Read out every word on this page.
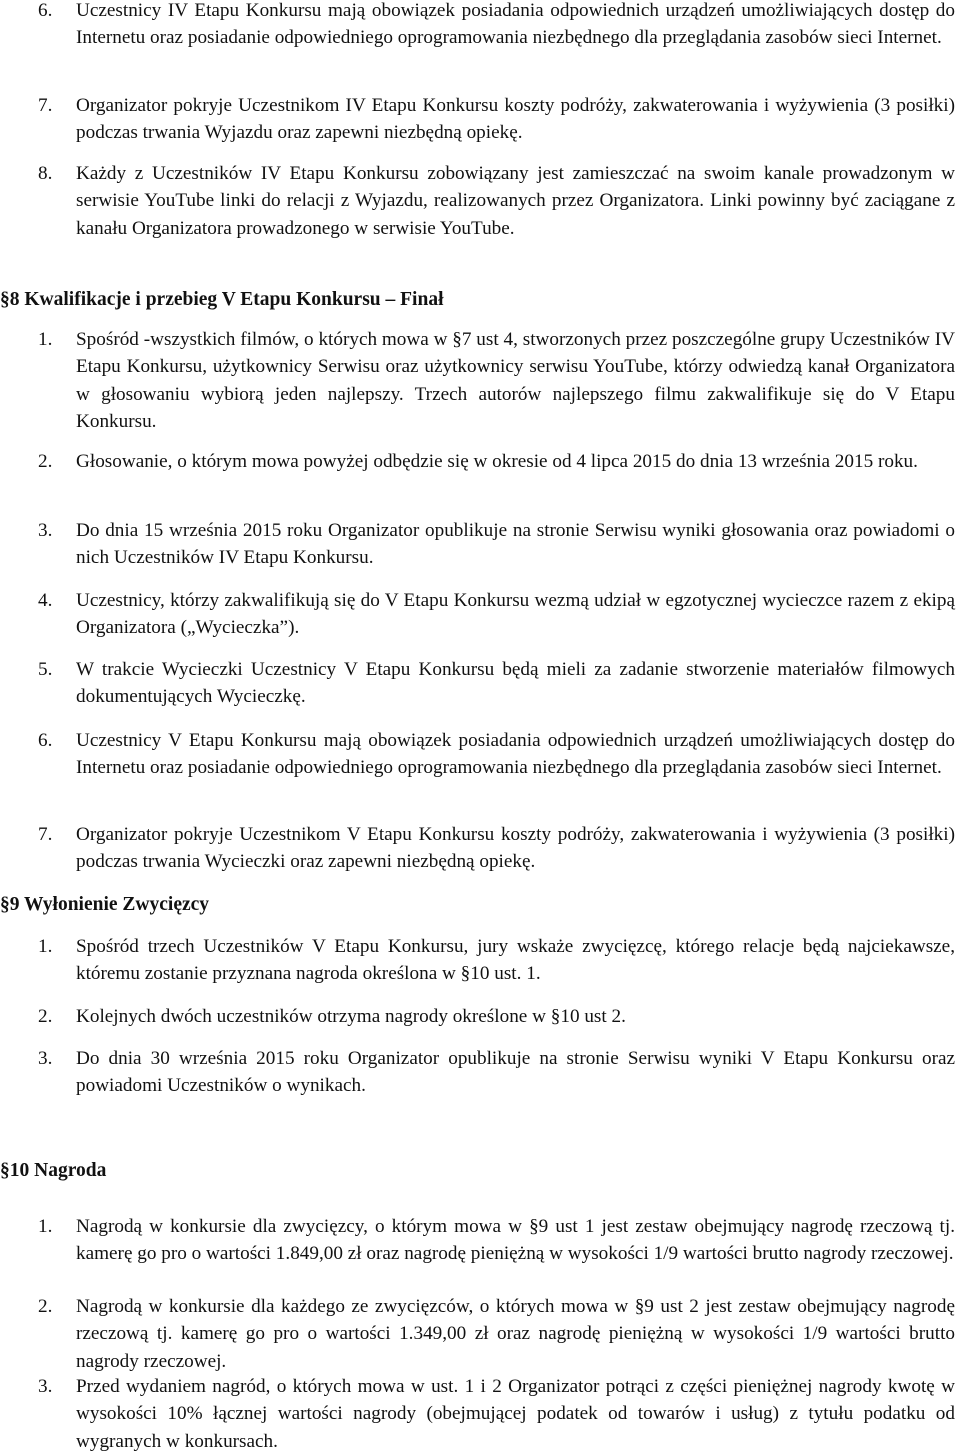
6.	Uczestnicy IV Etapu Konkursu mają obowiązek posiadania odpowiednich urządzeń umożliwiających dostęp do Internetu oraz posiadanie odpowiedniego oprogramowania niezbędnego dla przeglądania zasobów sieci Internet.
7.	Organizator pokryje Uczestnikom IV Etapu Konkursu koszty podróży, zakwaterowania i wyżywienia (3 posiłki) podczas trwania Wyjazdu oraz zapewni niezbędną opiekę.
8.	Każdy z Uczestników IV Etapu Konkursu zobowiązany jest zamieszczać na swoim kanale prowadzonym w serwisie YouTube linki do relacji z Wyjazdu, realizowanych przez Organizatora. Linki powinny być zaciągane z kanału Organizatora prowadzonego w serwisie YouTube.
§8 Kwalifikacje i przebieg V Etapu Konkursu – Finał
1.	Spośród -wszystkich filmów, o których mowa w §7 ust 4, stworzonych przez poszczególne grupy Uczestników IV Etapu Konkursu, użytkownicy Serwisu oraz użytkownicy serwisu YouTube, którzy odwiedzą kanał Organizatora w głosowaniu wybiorą jeden najlepszy. Trzech autorów najlepszego filmu zakwalifikuje się do V Etapu Konkursu.
2.	Głosowanie, o którym mowa powyżej odbędzie się w okresie od 4 lipca 2015 do dnia 13 września 2015 roku.
3.	Do dnia 15 września 2015 roku Organizator opublikuje na stronie Serwisu wyniki głosowania oraz powiadomi o nich Uczestników IV Etapu Konkursu.
4.	Uczestnicy, którzy zakwalifikują się do V Etapu Konkursu wezmą udział w egzotycznej wycieczce razem z ekipą Organizatora („Wycieczka”).
5.	W trakcie Wycieczki Uczestnicy V Etapu Konkursu będą mieli za zadanie stworzenie materiałów filmowych dokumentujących Wycieczkę.
6.	Uczestnicy V Etapu Konkursu mają obowiązek posiadania odpowiednich urządzeń umożliwiających dostęp do Internetu oraz posiadanie odpowiedniego oprogramowania niezbędnego dla przeglądania zasobów sieci Internet.
7.	Organizator pokryje Uczestnikom V Etapu Konkursu koszty podróży, zakwaterowania i wyżywienia (3 posiłki) podczas trwania Wycieczki oraz zapewni niezbędną opiekę.
§9 Wyłonienie Zwycięzcy
1.	Spośród trzech Uczestników V Etapu Konkursu, jury wskaże zwycięzcę, którego relacje będą najciekawsze, któremu zostanie przyznana nagroda określona w §10 ust. 1.
2.	Kolejnych dwóch uczestników otrzyma nagrody określone w §10 ust 2.
3.	Do dnia 30 września 2015 roku Organizator opublikuje na stronie Serwisu wyniki V Etapu Konkursu oraz powiadomi Uczestników o wynikach.
§10 Nagroda
1.	Nagrodą w konkursie dla zwycięzcy, o którym mowa w §9 ust 1 jest zestaw obejmujący nagrodę rzeczową tj. kamerę go pro o wartości 1.849,00 zł oraz nagrodę pieniężną w wysokości 1/9 wartości brutto nagrody rzeczowej.
2.	Nagrodą w konkursie dla każdego ze zwycięzców, o których mowa w §9 ust 2 jest zestaw obejmujący nagrodę rzeczową tj. kamerę go pro o wartości 1.349,00 zł oraz nagrodę pieniężną w wysokości 1/9 wartości brutto nagrody rzeczowej.
3.	Przed wydaniem nagród, o których mowa w ust. 1 i 2 Organizator potrąci z części pieniężnej nagrody kwotę w wysokości 10% łącznej wartości nagrody (obejmującej podatek od towarów i usług) z tytułu podatku od wygranych w konkursach.
